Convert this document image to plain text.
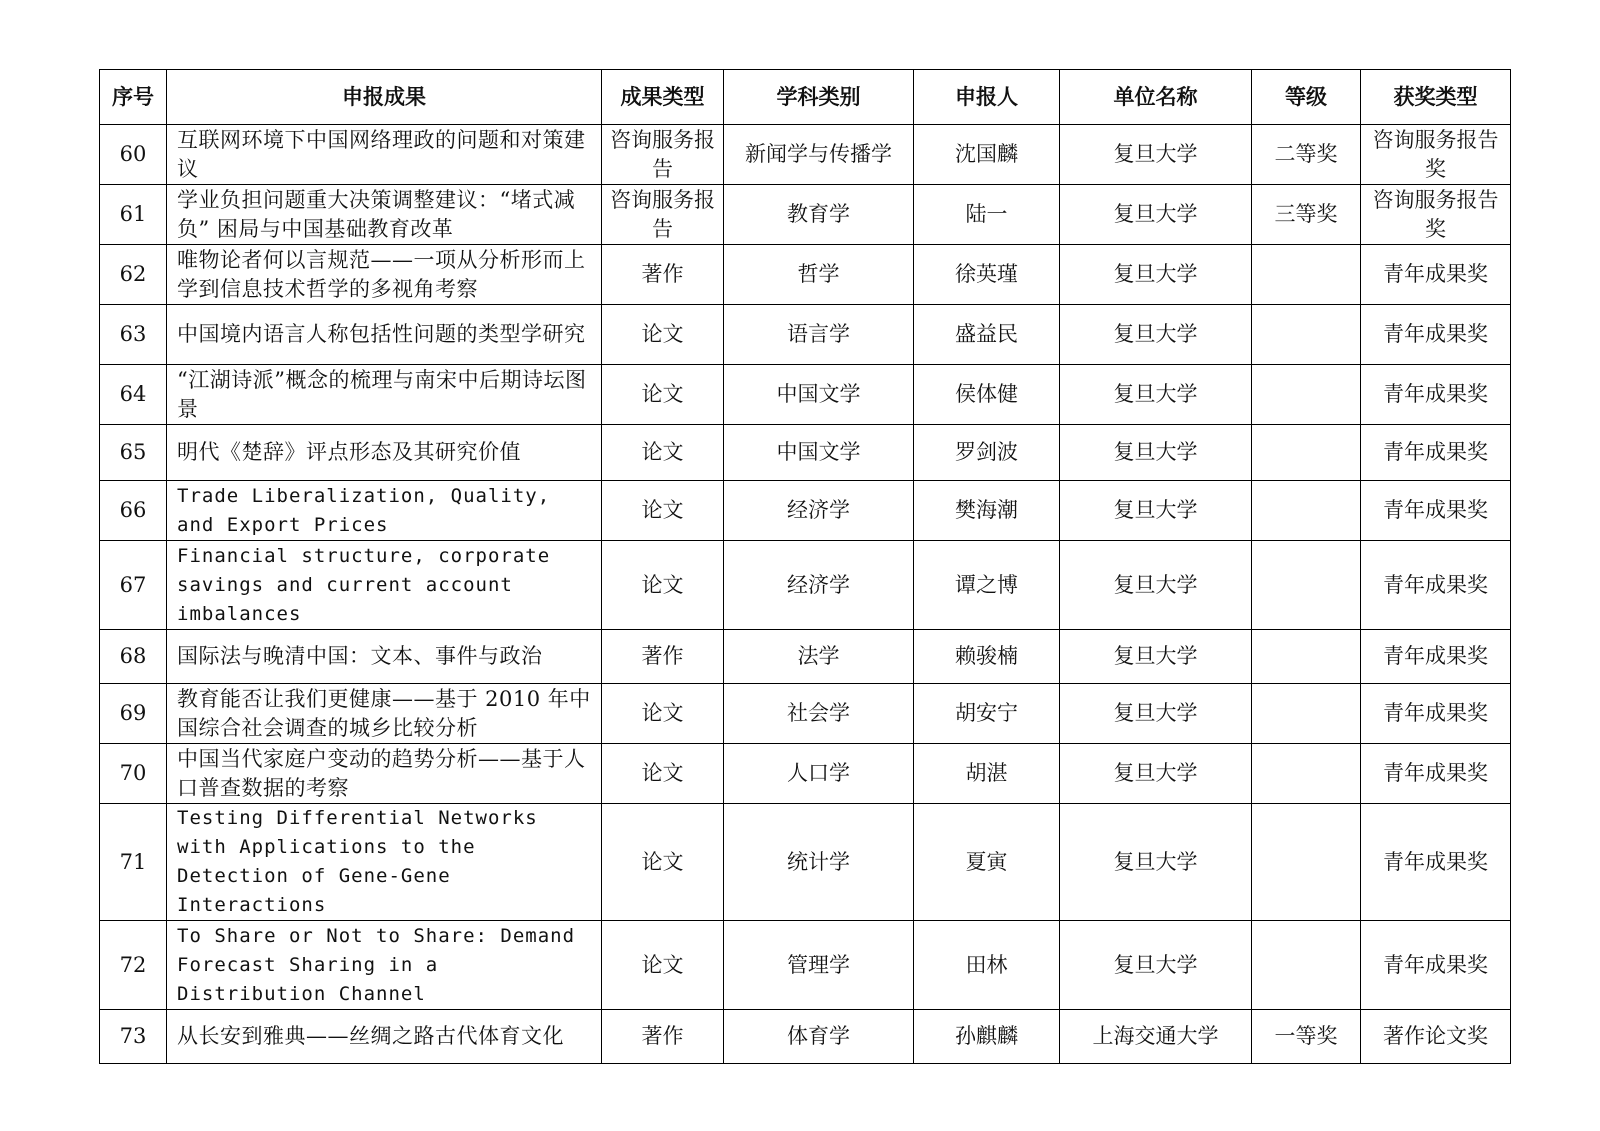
序号	申报成果	成果类型	学科类别	申报人	单位名称	等级	获奖类型
60	互联网环境下中国网络理政的问题和对策建议	咨询服务报告	新闻学与传播学	沈国麟	复旦大学	二等奖	咨询服务报告奖
61	学业负担问题重大决策调整建议：“堵式减负” 困局与中国基础教育改革	咨询服务报告	教育学	陆一	复旦大学	三等奖	咨询服务报告奖
62	唯物论者何以言规范——一项从分析形而上学到信息技术哲学的多视角考察	著作	哲学	徐英瑾	复旦大学		青年成果奖
63	中国境内语言人称包括性问题的类型学研究	论文	语言学	盛益民	复旦大学		青年成果奖
64	“江湖诗派”概念的梳理与南宋中后期诗坛图景	论文	中国文学	侯体健	复旦大学		青年成果奖
65	明代《楚辞》评点形态及其研究价值	论文	中国文学	罗剑波	复旦大学		青年成果奖
66	Trade Liberalization, Quality, and Export Prices	论文	经济学	樊海潮	复旦大学		青年成果奖
67	Financial structure, corporate savings and current account imbalances	论文	经济学	谭之博	复旦大学		青年成果奖
68	国际法与晚清中国：文本、事件与政治	著作	法学	赖骏楠	复旦大学		青年成果奖
69	教育能否让我们更健康——基于 2010 年中国综合社会调查的城乡比较分析	论文	社会学	胡安宁	复旦大学		青年成果奖
70	中国当代家庭户变动的趋势分析——基于人口普查数据的考察	论文	人口学	胡湛	复旦大学		青年成果奖
71	Testing Differential Networks with Applications to the Detection of Gene-Gene Interactions	论文	统计学	夏寅	复旦大学		青年成果奖
72	To Share or Not to Share: Demand Forecast Sharing in a Distribution Channel	论文	管理学	田林	复旦大学		青年成果奖
73	从长安到雅典——丝绸之路古代体育文化	著作	体育学	孙麒麟	上海交通大学	一等奖	著作论文奖
